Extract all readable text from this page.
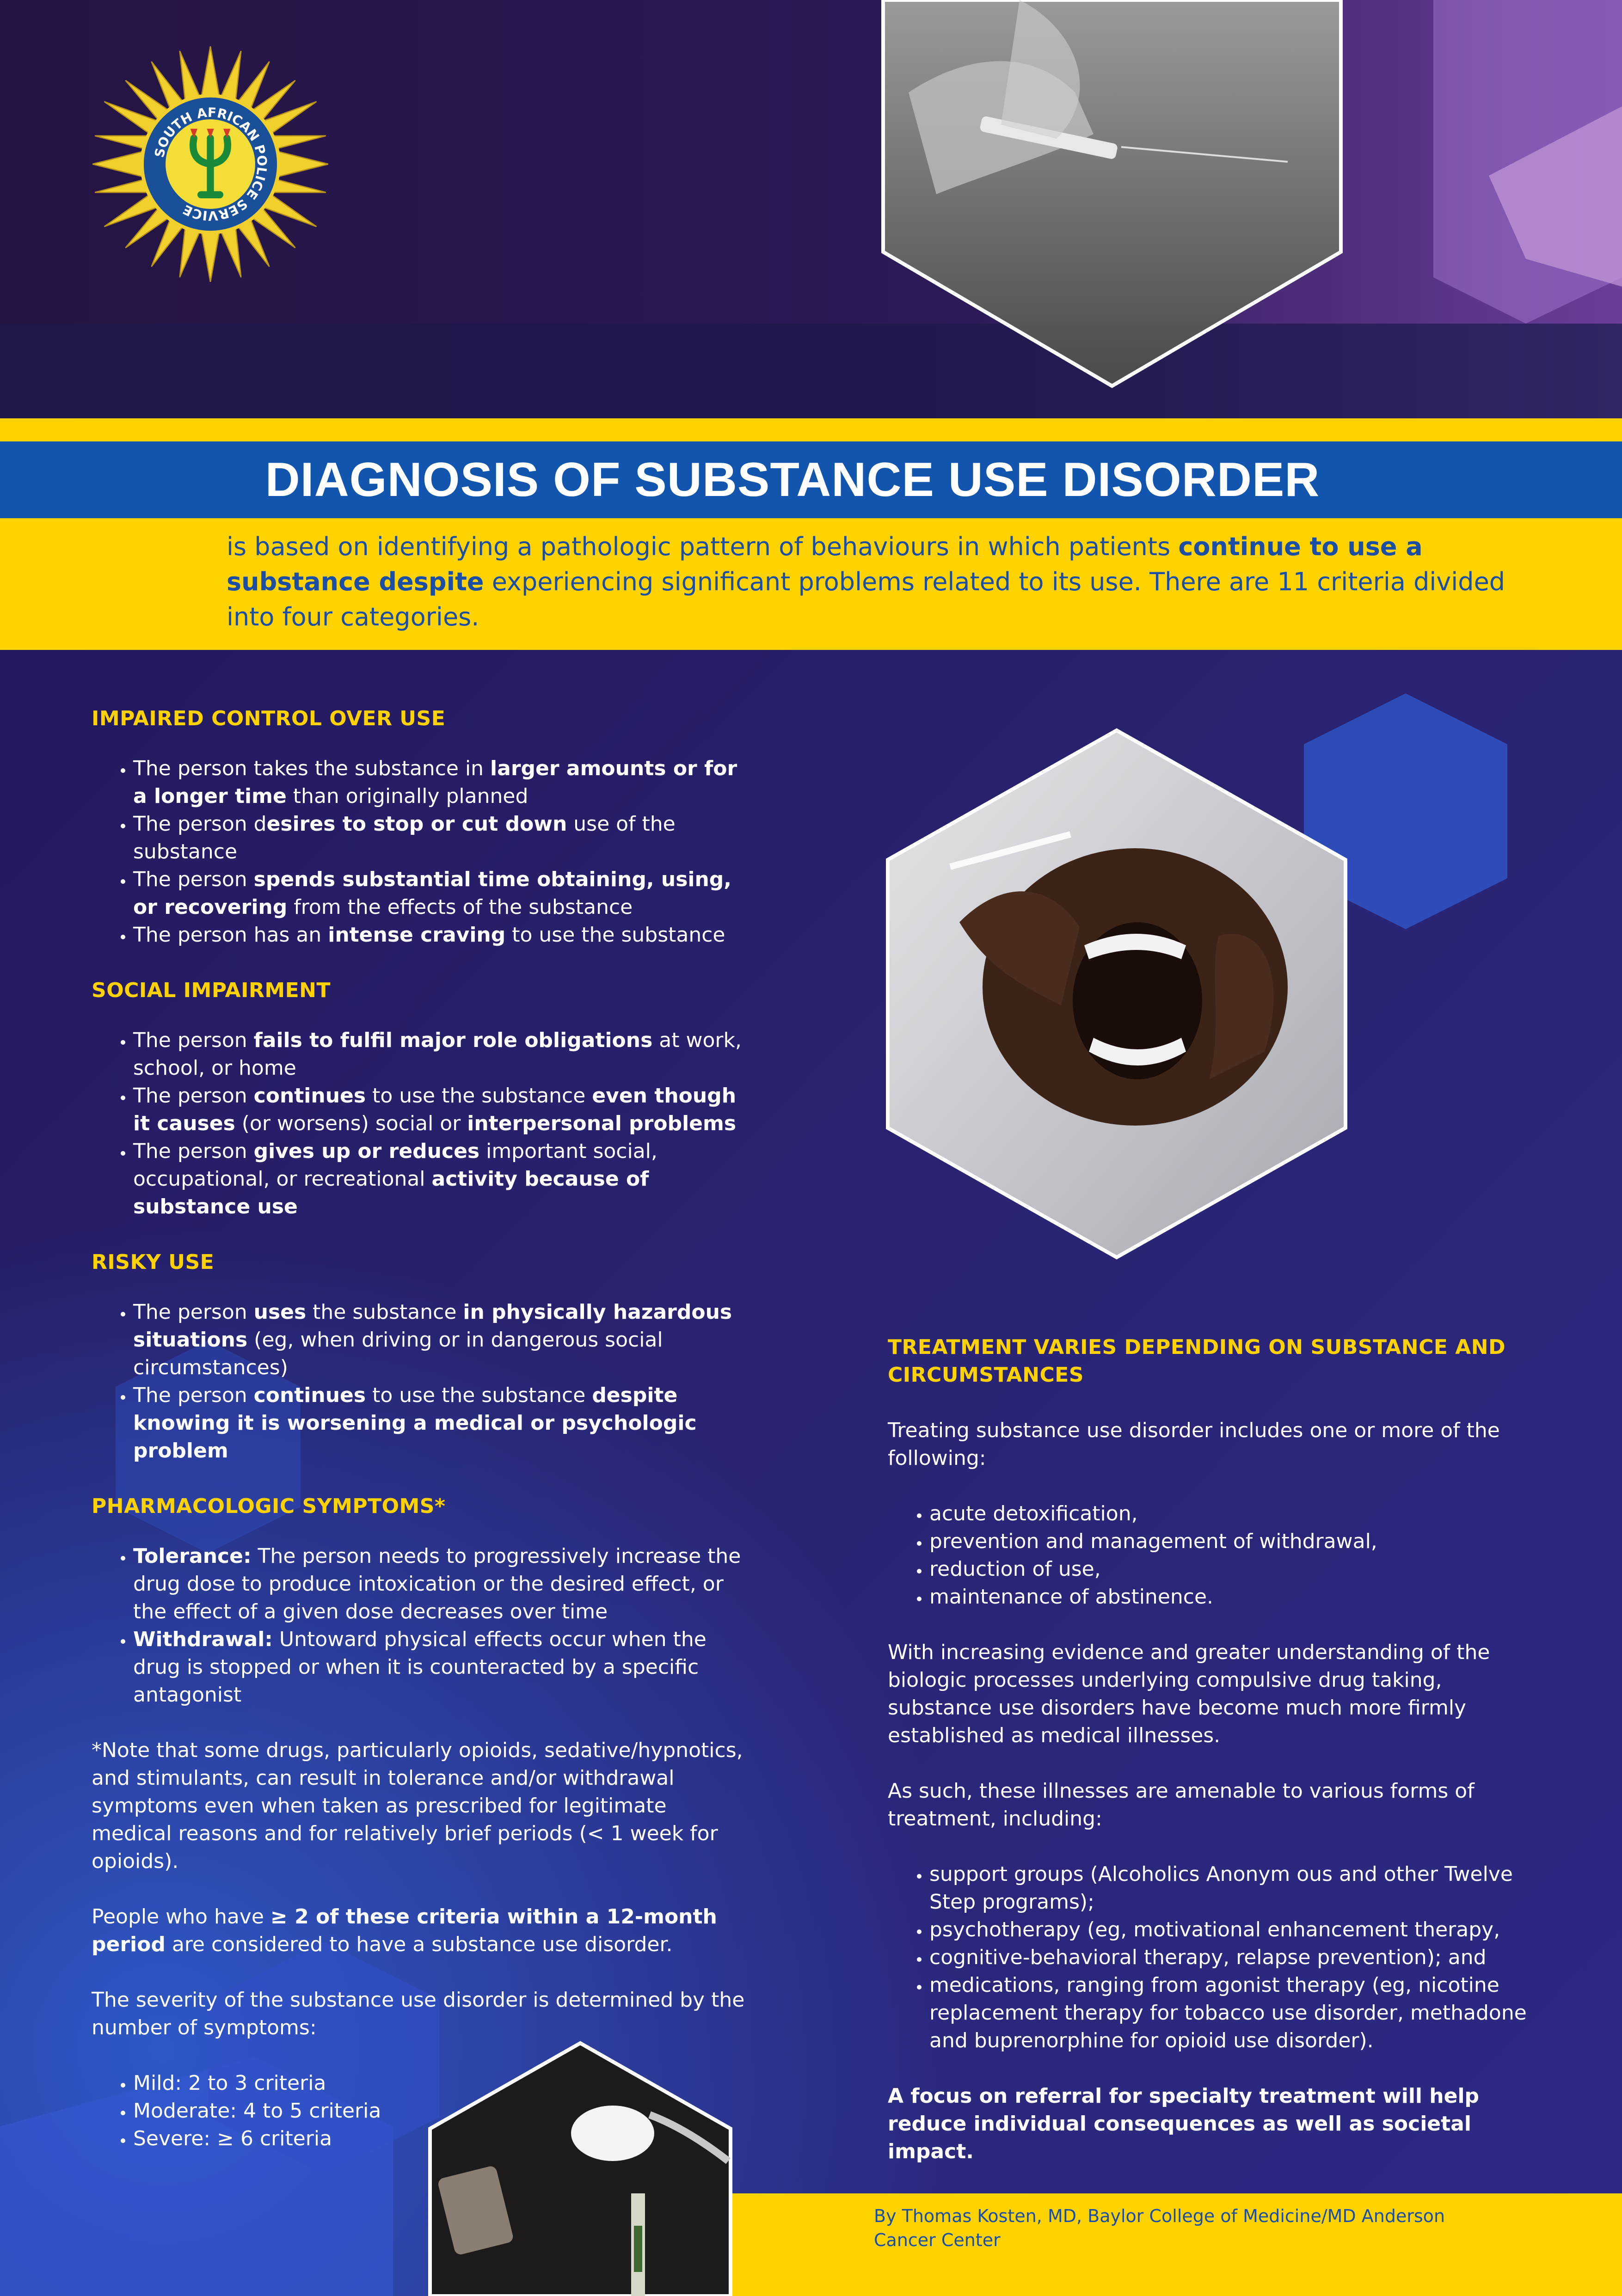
SOUTH AFRICAN POLICE SERVICE
DIAGNOSIS OF SUBSTANCE USE DISORDER
is based on identifying a pathologic pattern of behaviours in which patients continue to use a substance despite experiencing significant problems related to its use. There are 11 criteria divided into four categories.
IMPAIRED CONTROL OVER USE
• The person takes the substance in larger amounts or for a longer time than originally planned
• The person desires to stop or cut down use of the substance
• The person spends substantial time obtaining, using, or recovering from the effects of the substance
• The person has an intense craving to use the substance
SOCIAL IMPAIRMENT
• The person fails to fulfil major role obligations at work, school, or home
• The person continues to use the substance even though it causes (or worsens) social or interpersonal problems
• The person gives up or reduces important social, occupational, or recreational activity because of substance use
RISKY USE
• The person uses the substance in physically hazardous situations (eg, when driving or in dangerous social circumstances)
• The person continues to use the substance despite knowing it is worsening a medical or psychologic problem
PHARMACOLOGIC SYMPTOMS*
• Tolerance: The person needs to progressively increase the drug dose to produce intoxication or the desired effect, or the effect of a given dose decreases over time
• Withdrawal: Untoward physical effects occur when the drug is stopped or when it is counteracted by a specific antagonist

*Note that some drugs, particularly opioids, sedative/hypnotics, and stimulants, can result in tolerance and/or withdrawal symptoms even when taken as prescribed for legitimate medical reasons and for relatively brief periods (< 1 week for opioids).

People who have ≥ 2 of these criteria within a 12-month period are considered to have a substance use disorder.

The severity of the substance use disorder is determined by the number of symptoms:

• Mild: 2 to 3 criteria
• Moderate: 4 to 5 criteria
• Severe: ≥ 6 criteria
TREATMENT VARIES DEPENDING ON SUBSTANCE AND CIRCUMSTANCES

Treating substance use disorder includes one or more of the following:

• acute detoxification,
• prevention and management of withdrawal,
• reduction of use,
• maintenance of abstinence.

With increasing evidence and greater understanding of the biologic processes underlying compulsive drug taking, substance use disorders have become much more firmly established as medical illnesses.

As such, these illnesses are amenable to various forms of treatment, including:

• support groups (Alcoholics Anonym ous and other Twelve Step programs);
• psychotherapy (eg, motivational enhancement therapy,
• cognitive-behavioral therapy, relapse prevention); and
• medications, ranging from agonist therapy (eg, nicotine replacement therapy for tobacco use disorder, methadone and buprenorphine for opioid use disorder).

A focus on referral for specialty treatment will help reduce individual consequences as well as societal impact.

By Thomas Kosten, MD, Baylor College of Medicine/MD Anderson Cancer Center
